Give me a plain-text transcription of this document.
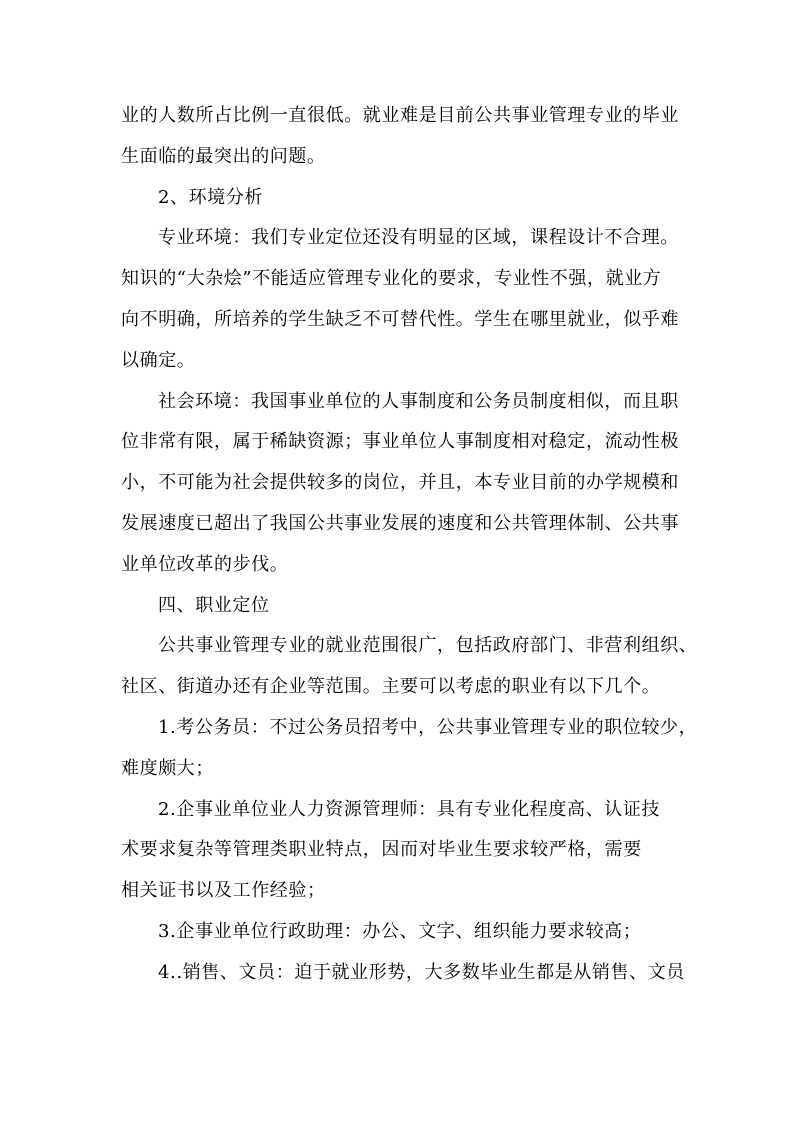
业的人数所占比例一直很低。就业难是目前公共事业管理专业的毕业
生面临的最突出的问题。
2、环境分析
专业环境：我们专业定位还没有明显的区域，课程设计不合理。
知识的“大杂烩”不能适应管理专业化的要求，专业性不强，就业方
向不明确，所培养的学生缺乏不可替代性。学生在哪里就业，似乎难
以确定。
社会环境：我国事业单位的人事制度和公务员制度相似，而且职
位非常有限，属于稀缺资源；事业单位人事制度相对稳定，流动性极
小，不可能为社会提供较多的岗位，并且，本专业目前的办学规模和
发展速度已超出了我国公共事业发展的速度和公共管理体制、公共事
业单位改革的步伐。
四、职业定位
公共事业管理专业的就业范围很广，包括政府部门、非营利组织、
社区、街道办还有企业等范围。主要可以考虑的职业有以下几个。
1.考公务员：不过公务员招考中，公共事业管理专业的职位较少，
难度颇大；
2.企事业单位业人力资源管理师：具有专业化程度高、认证技
术要求复杂等管理类职业特点，因而对毕业生要求较严格，需要
相关证书以及工作经验；
3.企事业单位行政助理：办公、文字、组织能力要求较高；
4..销售、文员：迫于就业形势，大多数毕业生都是从销售、文员
